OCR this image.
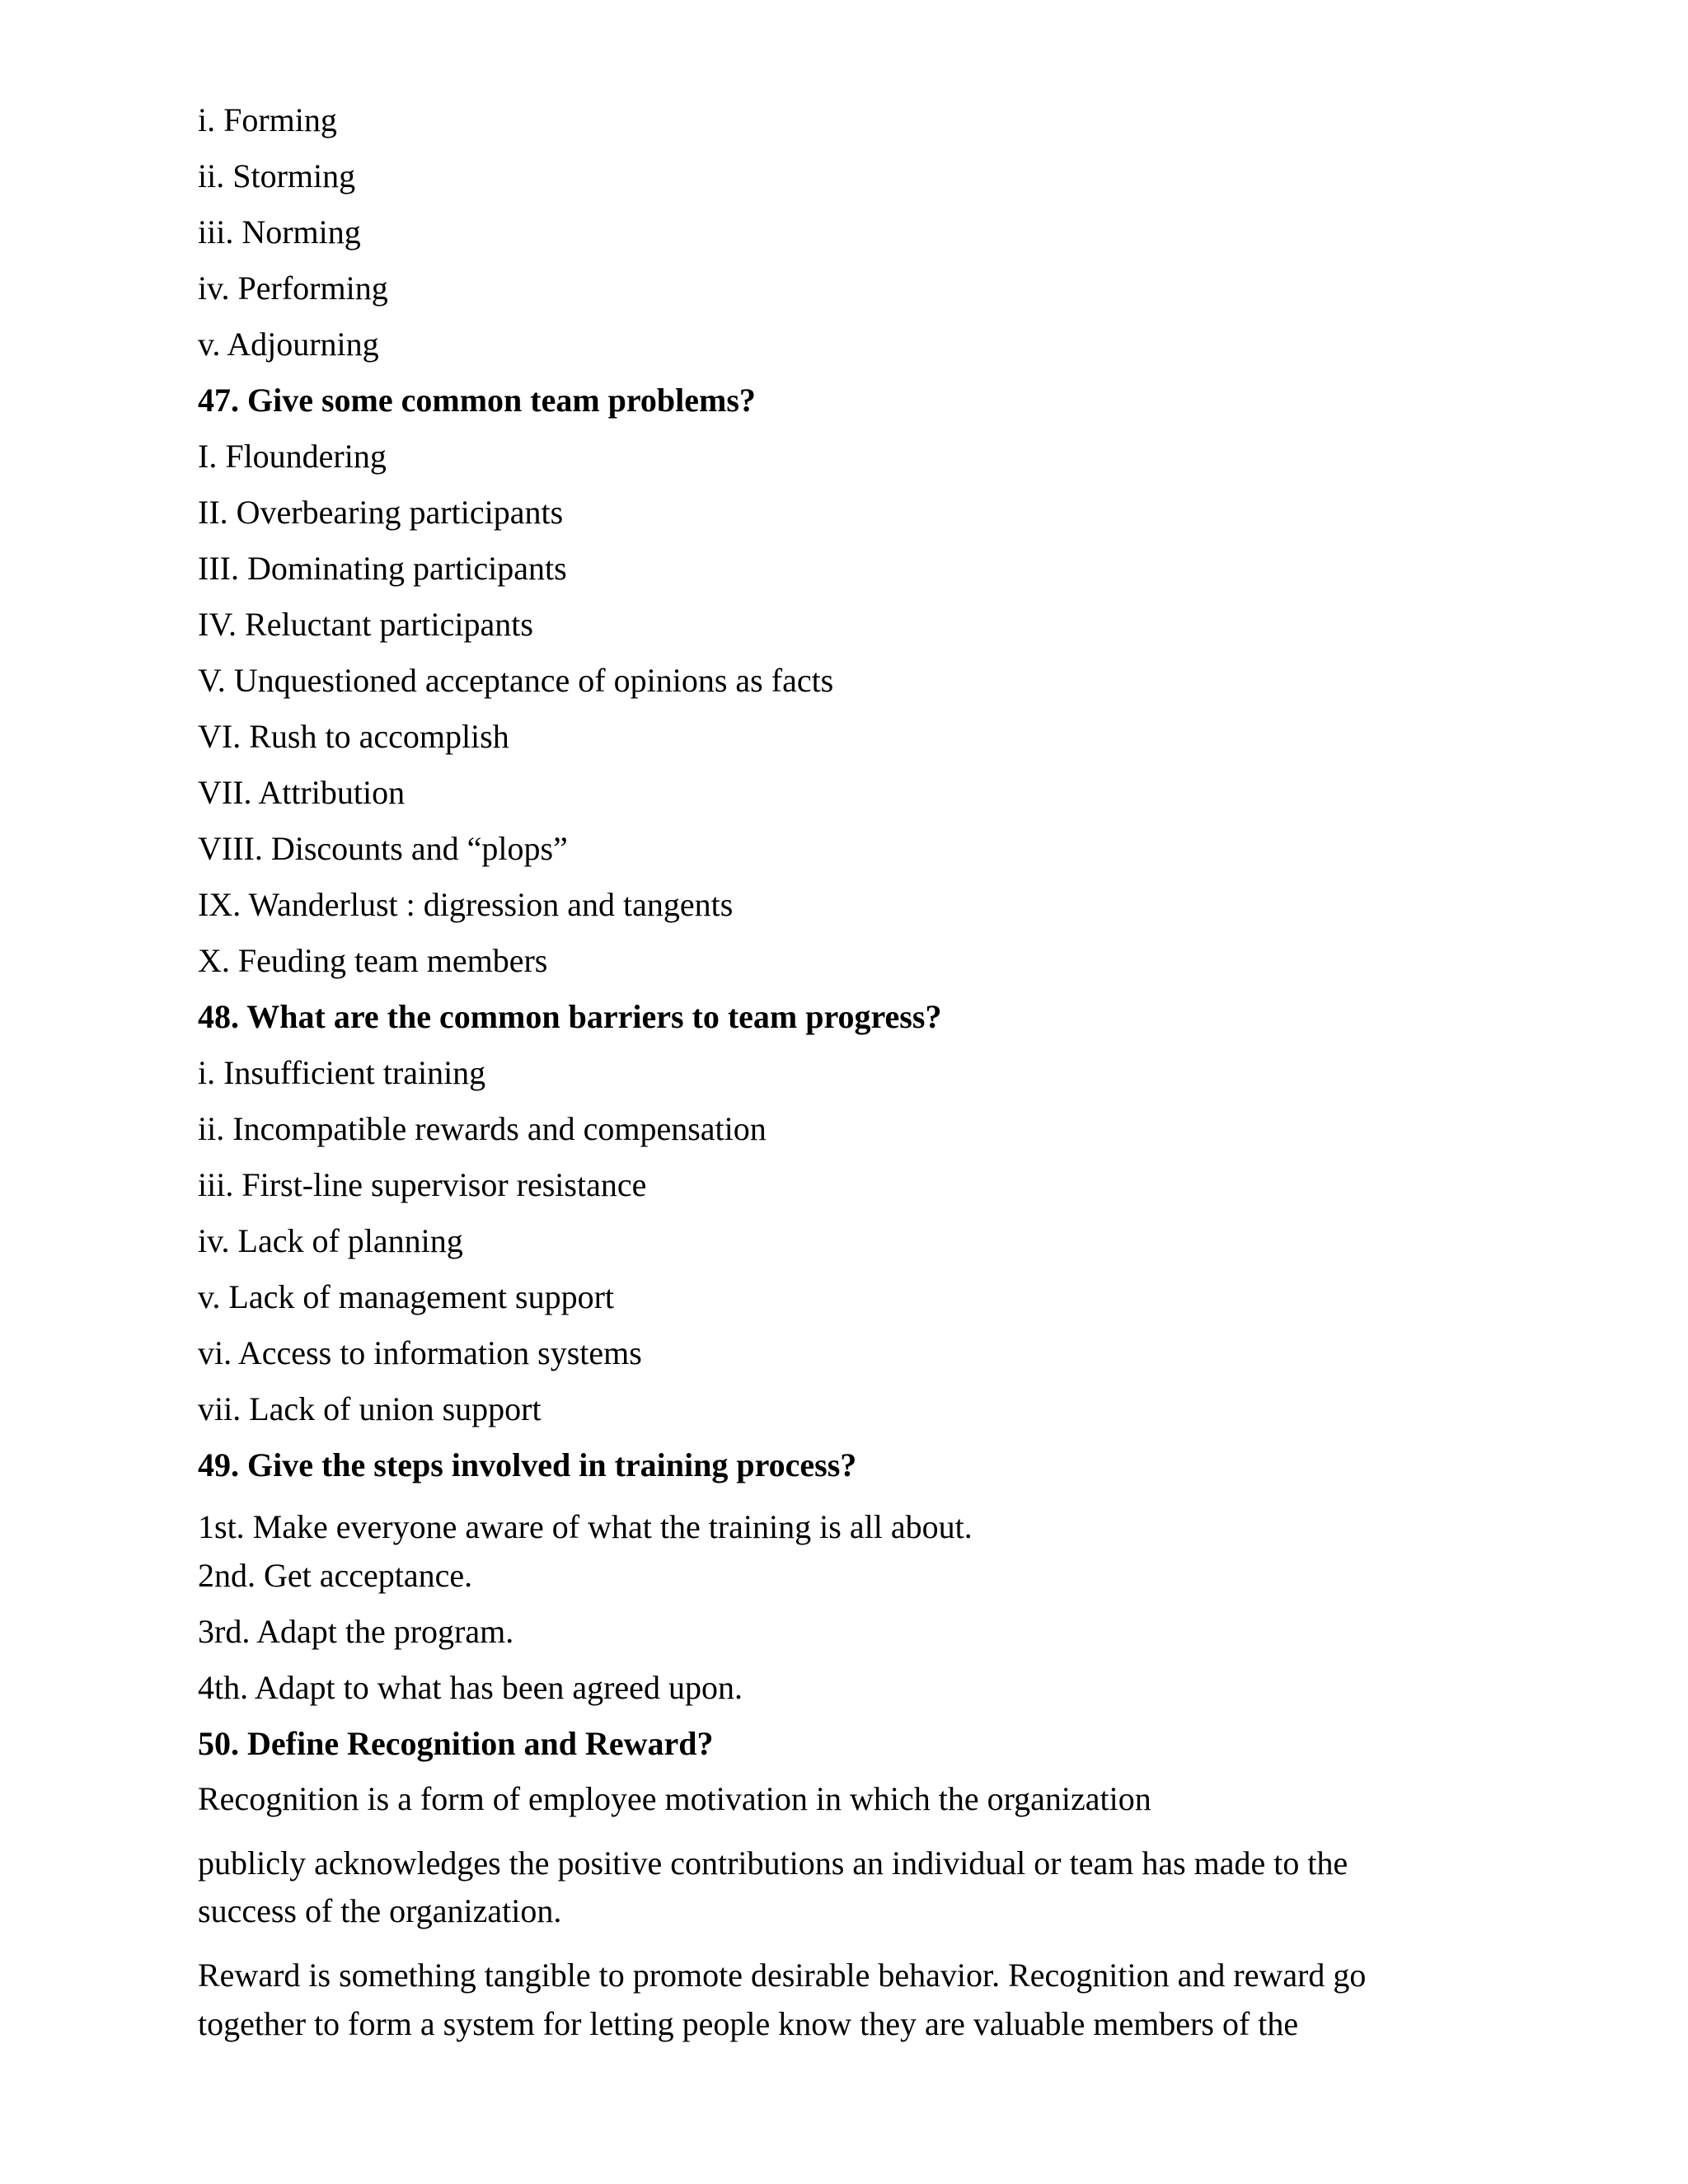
i. Forming

ii. Storming

iii. Norming

iv. Performing

v. Adjourning

47. Give some common team problems?

I. Floundering

II. Overbearing participants

III. Dominating participants

IV. Reluctant participants

V. Unquestioned acceptance of opinions as facts

VI. Rush to accomplish

VII. Attribution

VIII. Discounts and “plops”

IX. Wanderlust : digression and tangents

X. Feuding team members

48. What are the common barriers to team progress?

i. Insufficient training

ii. Incompatible rewards and compensation

iii. First-line supervisor resistance

iv. Lack of planning

v. Lack of management support

vi. Access to information systems

vii. Lack of union support

49. Give the steps involved in training process?

1st. Make everyone aware of what the training is all about.

2nd. Get acceptance.

3rd. Adapt the program.

4th. Adapt to what has been agreed upon.

50. Define Recognition and Reward?

Recognition is a form of employee motivation in which the organization

publicly acknowledges the positive contributions an individual or team has made to the

success of the organization.

Reward is something tangible to promote desirable behavior. Recognition and reward go

together to form a system for letting people know they are valuable members of the
